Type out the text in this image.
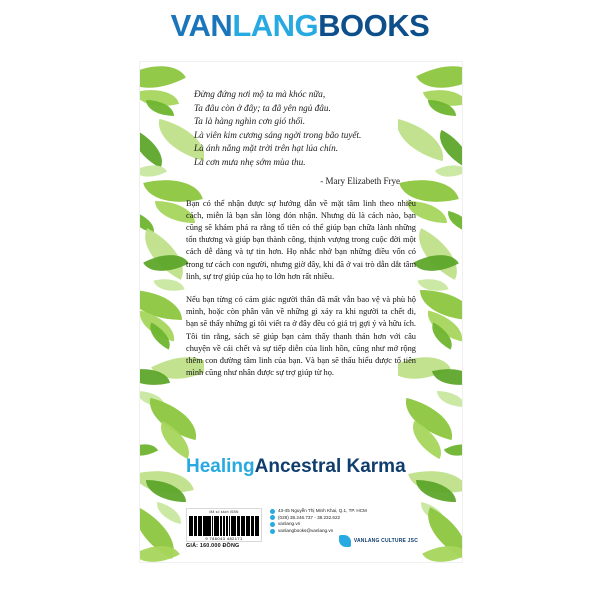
VANLANGBOOKS
Đừng đứng nơi mộ ta mà khóc nữa,
Ta đâu còn ở đây; ta đã yên ngủ đâu.
Ta là hàng nghìn cơn gió thổi.
Là viên kim cương sáng ngời trong bão tuyết.
Là ánh nắng mặt trời trên hạt lúa chín.
Là cơn mưa nhẹ sớm mùa thu.
- Mary Elizabeth Frye

Bạn có thể nhận được sự hướng dẫn về mặt tâm linh theo nhiều cách, miễn là bạn sẵn lòng đón nhận. Nhưng dù là cách nào, bạn cũng sẽ khám phá ra rằng tổ tiên có thể giúp bạn chữa lành những tổn thương và giúp bạn thành công, thịnh vượng trong cuộc đời một cách dễ dàng và tự tin hơn. Họ nhắc nhở bạn những điều vốn có trong tư cách con người, nhưng giờ đây, khi đã ở vai trò dẫn dắt tâm linh, sự trợ giúp của họ to lớn hơn rất nhiều.

Nếu bạn từng có cảm giác người thân đã mất vẫn bao vệ và phù hộ mình, hoặc còn phân vân về những gì xảy ra khi người ta chết đi, bạn sẽ thấy những gì tôi viết ra ở đây đều có giá trị gợi ý và hữu ích. Tôi tin rằng, sách sẽ giúp bạn cảm thấy thanh thản hơn với câu chuyện về cái chết và sự tiếp diễn của linh hồn, cũng như mở rộng thêm con đường tâm linh của bạn. Và bạn sẽ thấu hiểu được tổ tiên mình cũng như nhân được sự trợ giúp từ họ.

HealingAncestral Karma
Mã số sách ISBN
9 786043 482171
GIÁ: 160.000 ĐỒNG
43-45 Nguyễn Thị Minh Khai, Q.1, TP. HCM
(028) 38.246.737 - 38.232.622
vanlang.vn
vanlangbooks@vanlang.vn
VANLANG CULTURE JSC
